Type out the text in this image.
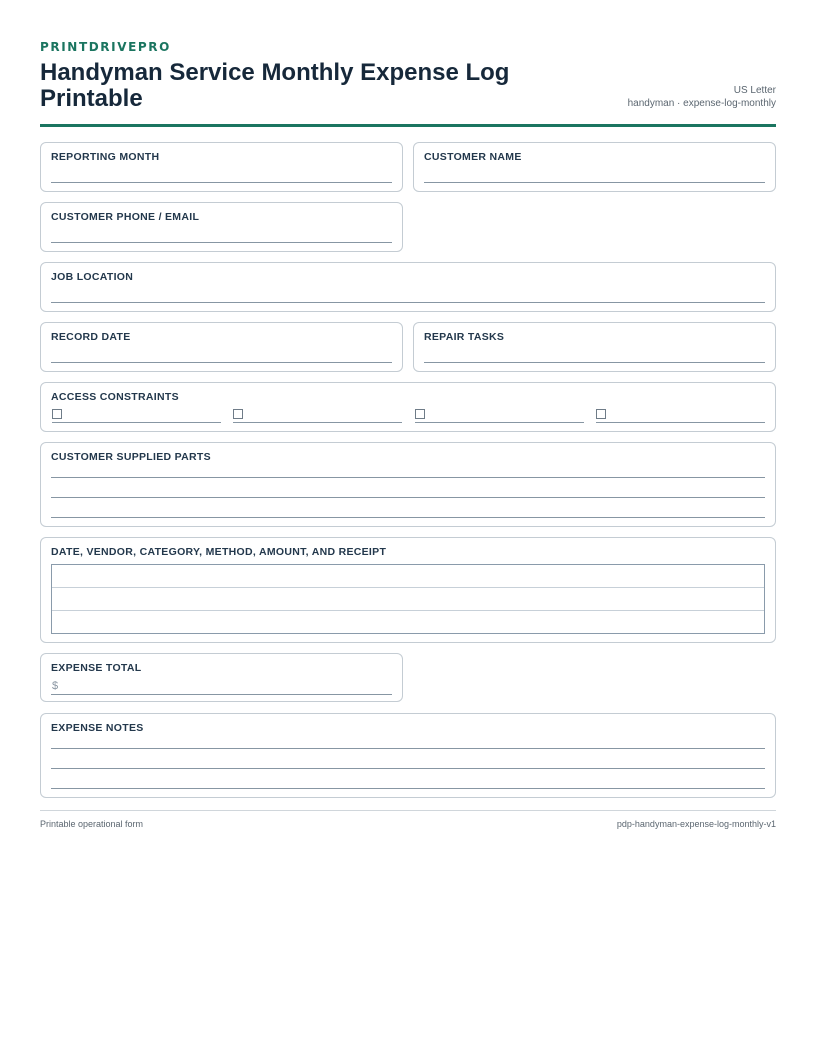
PRINTDRIVEPRO
Handyman Service Monthly Expense Log Printable	US Letter
handyman · expense-log-monthly
REPORTING MONTH	CUSTOMER NAME
CUSTOMER PHONE / EMAIL
JOB LOCATION
RECORD DATE	REPAIR TASKS
ACCESS CONSTRAINTS
CUSTOMER SUPPLIED PARTS
DATE, VENDOR, CATEGORY, METHOD, AMOUNT, AND RECEIPT
EXPENSE TOTAL
$
EXPENSE NOTES
Printable operational form	pdp-handyman-expense-log-monthly-v1
